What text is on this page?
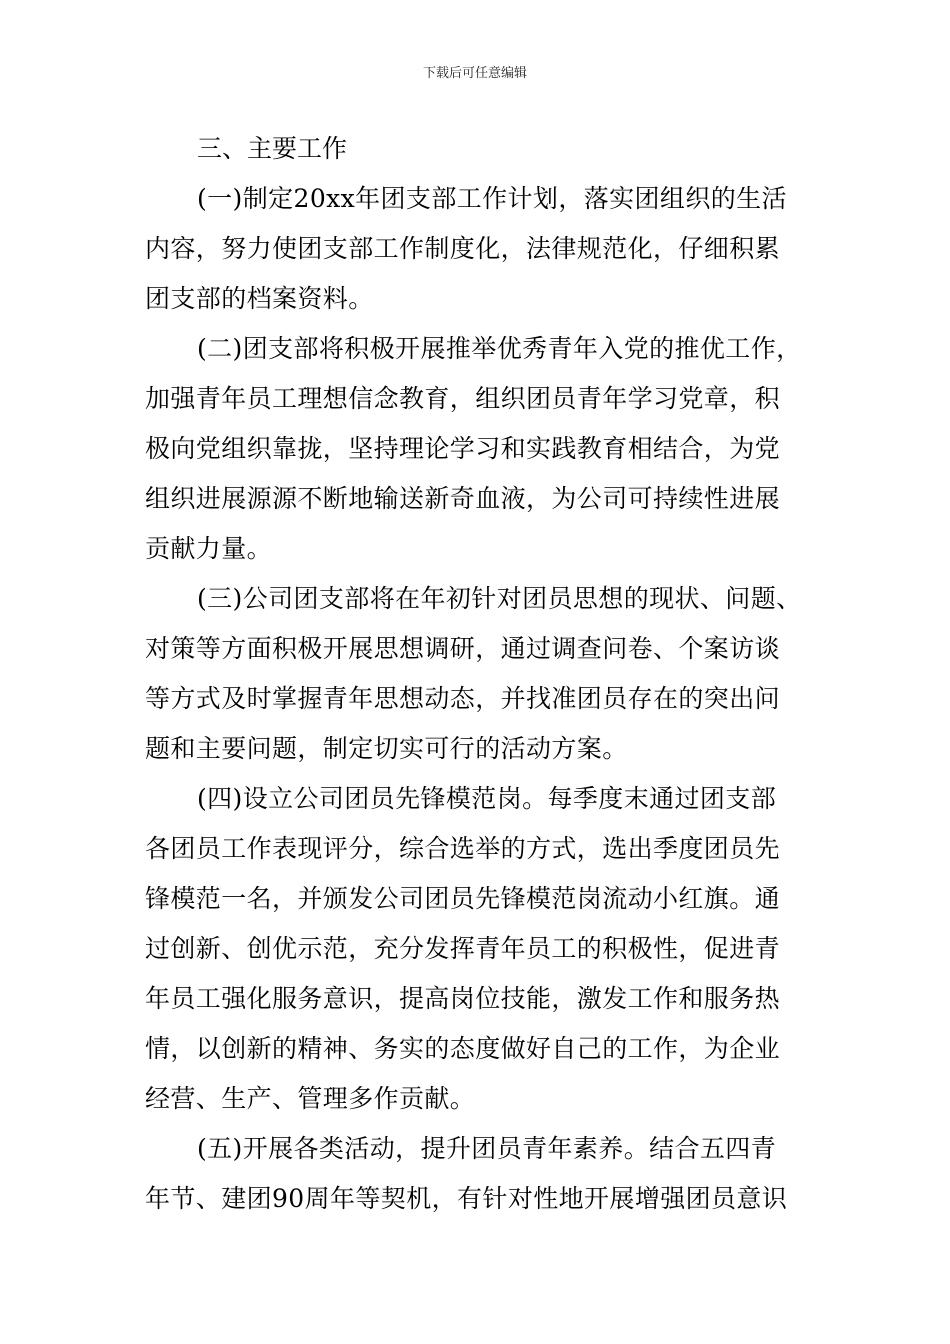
下载后可任意编辑

三、主要工作

(一)制定20xx年团支部工作计划，落实团组织的生活
内容，努力使团支部工作制度化，法律规范化，仔细积累
团支部的档案资料。
(二)团支部将积极开展推举优秀青年入党的推优工作，
加强青年员工理想信念教育，组织团员青年学习党章，积
极向党组织靠拢，坚持理论学习和实践教育相结合，为党
组织进展源源不断地输送新奇血液，为公司可持续性进展
贡献力量。
(三)公司团支部将在年初针对团员思想的现状、问题、
对策等方面积极开展思想调研，通过调查问卷、个案访谈
等方式及时掌握青年思想动态，并找准团员存在的突出问
题和主要问题，制定切实可行的活动方案。
(四)设立公司团员先锋模范岗。每季度末通过团支部
各团员工作表现评分，综合选举的方式，选出季度团员先
锋模范一名，并颁发公司团员先锋模范岗流动小红旗。通
过创新、创优示范，充分发挥青年员工的积极性，促进青
年员工强化服务意识，提高岗位技能，激发工作和服务热
情，以创新的精神、务实的态度做好自己的工作，为企业
经营、生产、管理多作贡献。
(五)开展各类活动，提升团员青年素养。结合五四青
年节、建团90周年等契机，有针对性地开展增强团员意识
